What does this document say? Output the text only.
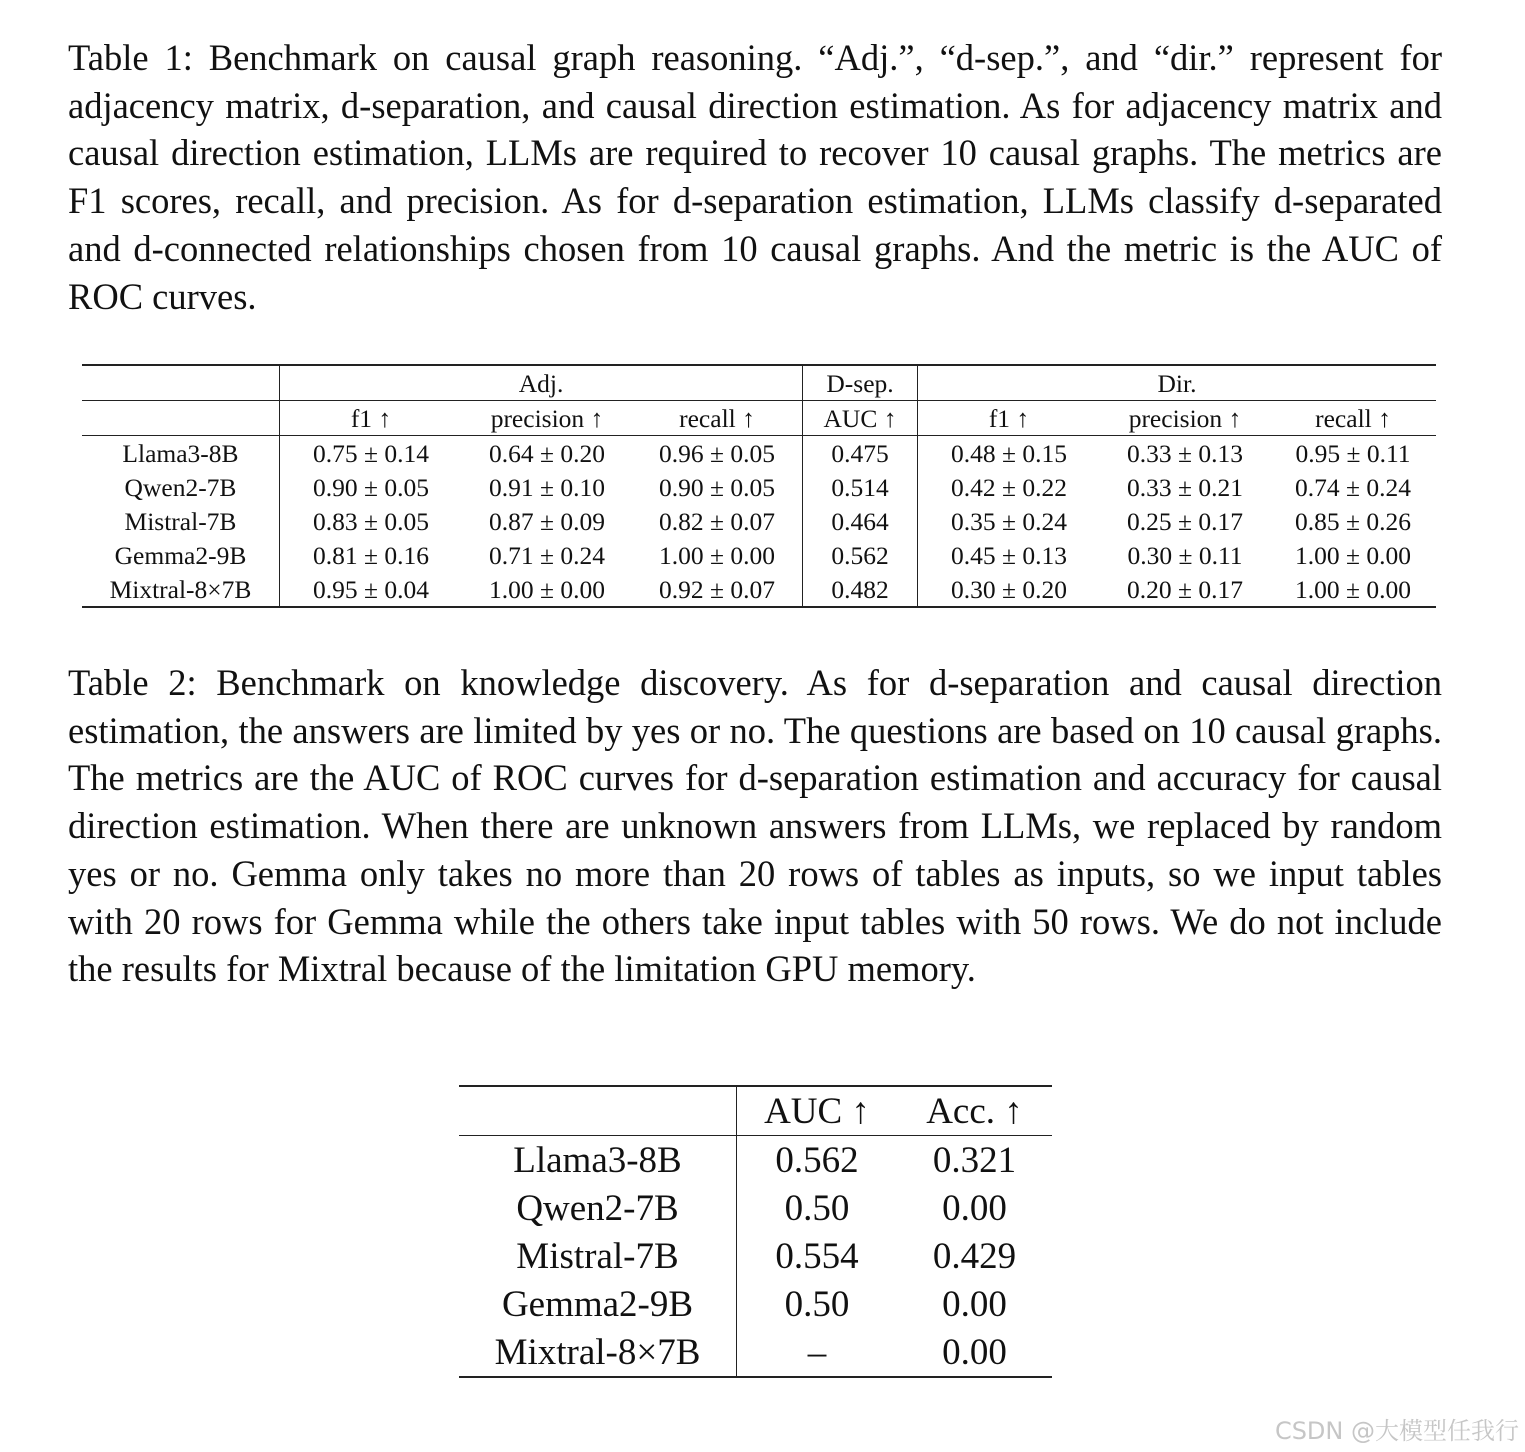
Table 1: Benchmark on causal graph reasoning. “Adj.”, “d-sep.”, and “dir.” represent for adjacency matrix, d-separation, and causal direction estimation. As for adjacency matrix and causal direction estimation, LLMs are required to recover 10 causal graphs. The metrics are F1 scores, recall, and precision. As for d-separation estimation, LLMs classify d-separated and d-connected relationships chosen from 10 causal graphs. And the metric is the AUC of ROC curves.

	Adj.			D-sep.	Dir.		
	f1 ↑	precision ↑	recall ↑	AUC ↑	f1 ↑	precision ↑	recall ↑
Llama3-8B	0.75 ± 0.14	0.64 ± 0.20	0.96 ± 0.05	0.475	0.48 ± 0.15	0.33 ± 0.13	0.95 ± 0.11
Qwen2-7B	0.90 ± 0.05	0.91 ± 0.10	0.90 ± 0.05	0.514	0.42 ± 0.22	0.33 ± 0.21	0.74 ± 0.24
Mistral-7B	0.83 ± 0.05	0.87 ± 0.09	0.82 ± 0.07	0.464	0.35 ± 0.24	0.25 ± 0.17	0.85 ± 0.26
Gemma2-9B	0.81 ± 0.16	0.71 ± 0.24	1.00 ± 0.00	0.562	0.45 ± 0.13	0.30 ± 0.11	1.00 ± 0.00
Mixtral-8×7B	0.95 ± 0.04	1.00 ± 0.00	0.92 ± 0.07	0.482	0.30 ± 0.20	0.20 ± 0.17	1.00 ± 0.00

Table 2: Benchmark on knowledge discovery. As for d-separation and causal direction estimation, the answers are limited by yes or no. The questions are based on 10 causal graphs. The metrics are the AUC of ROC curves for d-separation estimation and accuracy for causal direction estimation. When there are unknown answers from LLMs, we replaced by random yes or no. Gemma only takes no more than 20 rows of tables as inputs, so we input tables with 20 rows for Gemma while the others take input tables with 50 rows. We do not include the results for Mixtral because of the limitation GPU memory.

	AUC ↑	Acc. ↑
Llama3-8B	0.562	0.321
Qwen2-7B	0.50	0.00
Mistral-7B	0.554	0.429
Gemma2-9B	0.50	0.00
Mixtral-8×7B	–	0.00
CSDN @大模型任我行
